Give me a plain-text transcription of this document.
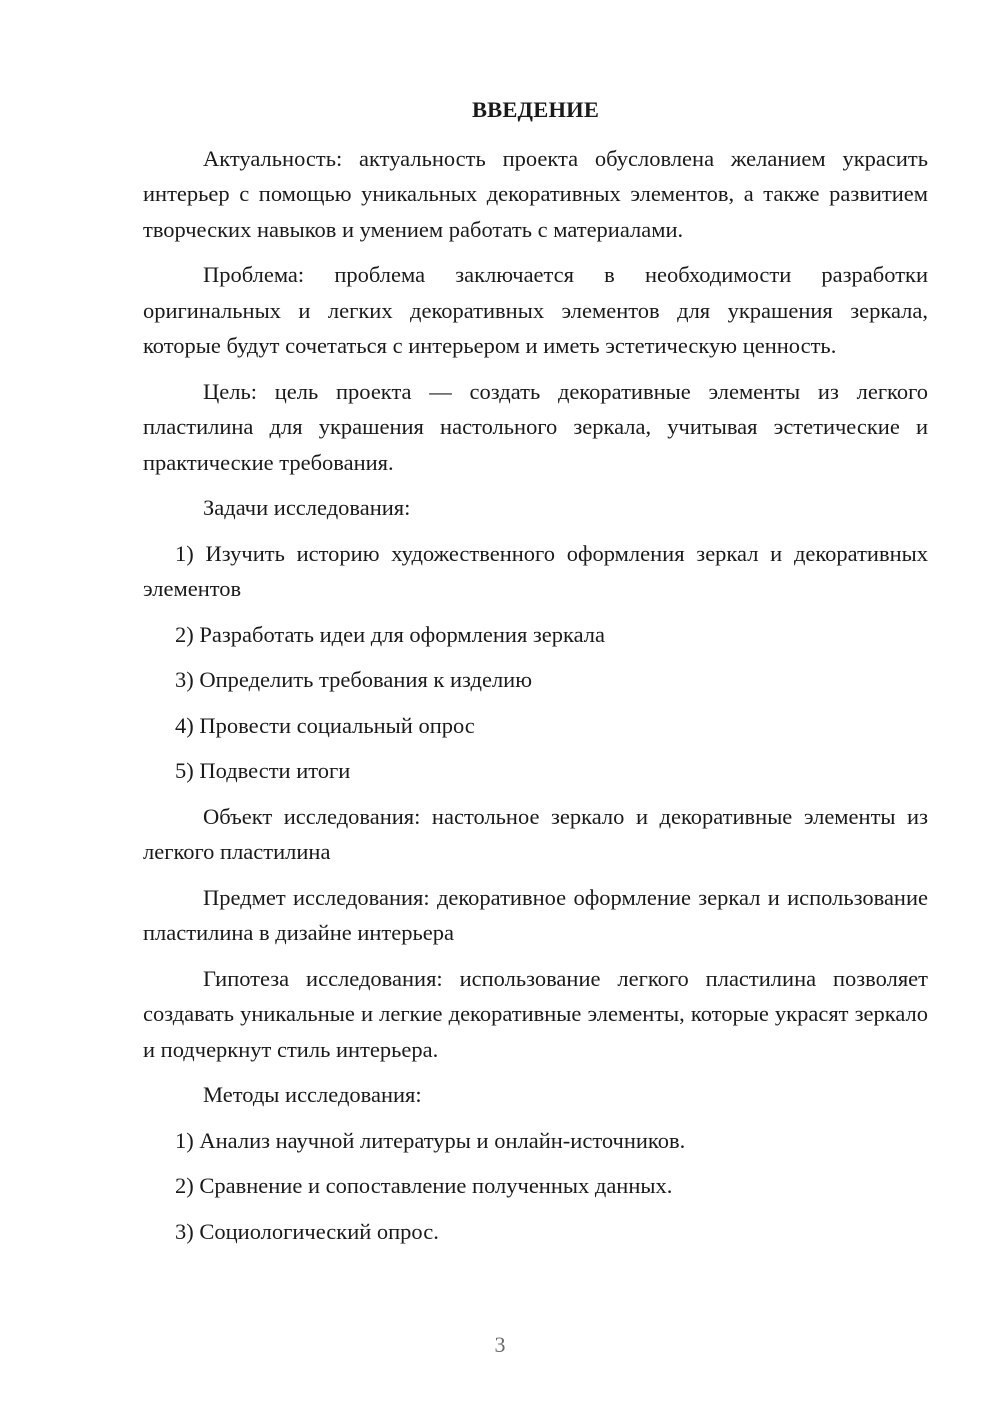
ВВЕДЕНИЕ

Актуальность: актуальность проекта обусловлена желанием украсить интерьер с помощью уникальных декоративных элементов, а также развитием творческих навыков и умением работать с материалами.

Проблема: проблема заключается в необходимости разработки оригинальных и легких декоративных элементов для украшения зеркала, которые будут сочетаться с интерьером и иметь эстетическую ценность.

Цель: цель проекта — создать декоративные элементы из легкого пластилина для украшения настольного зеркала, учитывая эстетические и практические требования.

Задачи исследования:

1) Изучить историю художественного оформления зеркал и декоративных элементов

2) Разработать идеи для оформления зеркала

3) Определить требования к изделию

4) Провести социальный опрос

5) Подвести итоги

Объект исследования: настольное зеркало и декоративные элементы из легкого пластилина

Предмет исследования: декоративное оформление зеркал и использование пластилина в дизайне интерьера

Гипотеза исследования: использование легкого пластилина позволяет создавать уникальные и легкие декоративные элементы, которые украсят зеркало и подчеркнут стиль интерьера.

Методы исследования:

1) Анализ научной литературы и онлайн-источников.

2) Сравнение и сопоставление полученных данных.

3) Социологический опрос.

3
